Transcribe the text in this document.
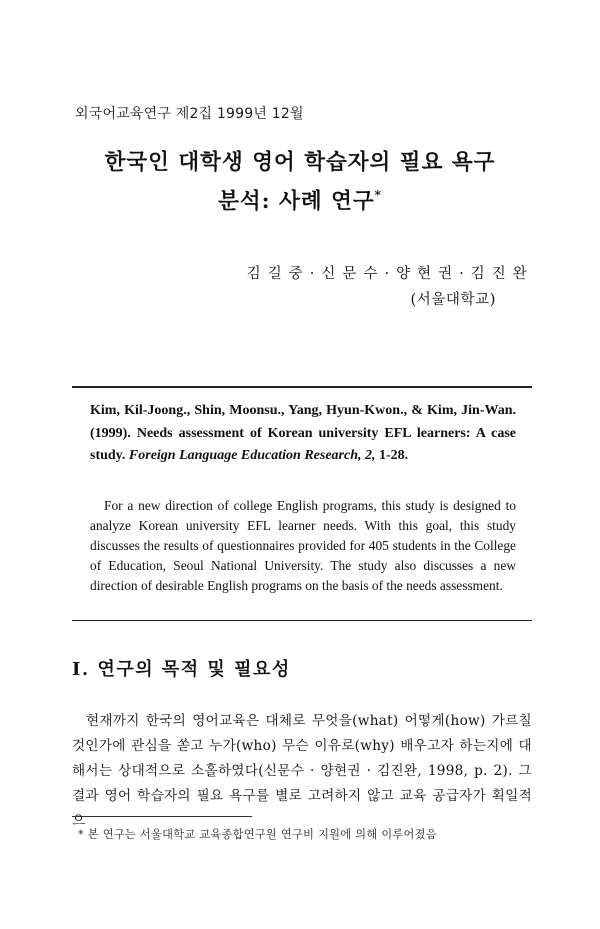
외국어교육연구 제2집 1999년 12월
한국인 대학생 영어 학습자의 필요 욕구
분석: 사례 연구*
김 길 중 · 신 문 수 · 양 현 권 · 김 진 완
(서울대학교)
Kim, Kil-Joong., Shin, Moonsu., Yang, Hyun-Kwon., & Kim, Jin-Wan. (1999). Needs assessment of Korean university EFL learners: A case study. Foreign Language Education Research, 2, 1-28.
For a new direction of college English programs, this study is designed to analyze Korean university EFL learner needs. With this goal, this study discusses the results of questionnaires provided for 405 students in the College of Education, Seoul National University. The study also discusses a new direction of desirable English programs on the basis of the needs assessment.
I. 연구의 목적 및 필요성
현재까지 한국의 영어교육은 대체로 무엇을(what) 어떻게(how) 가르칠 것인가에 관심을 쏟고 누가(who) 무슨 이유로(why) 배우고자 하는지에 대해서는 상대적으로 소홀하였다(신문수 · 양현권 · 김진완, 1998, p. 2). 그 결과 영어 학습자의 필요 욕구를 별로 고려하지 않고 교육 공급자가 획일적으
* 본 연구는 서울대학교 교육종합연구원 연구비 지원에 의해 이루어졌음
